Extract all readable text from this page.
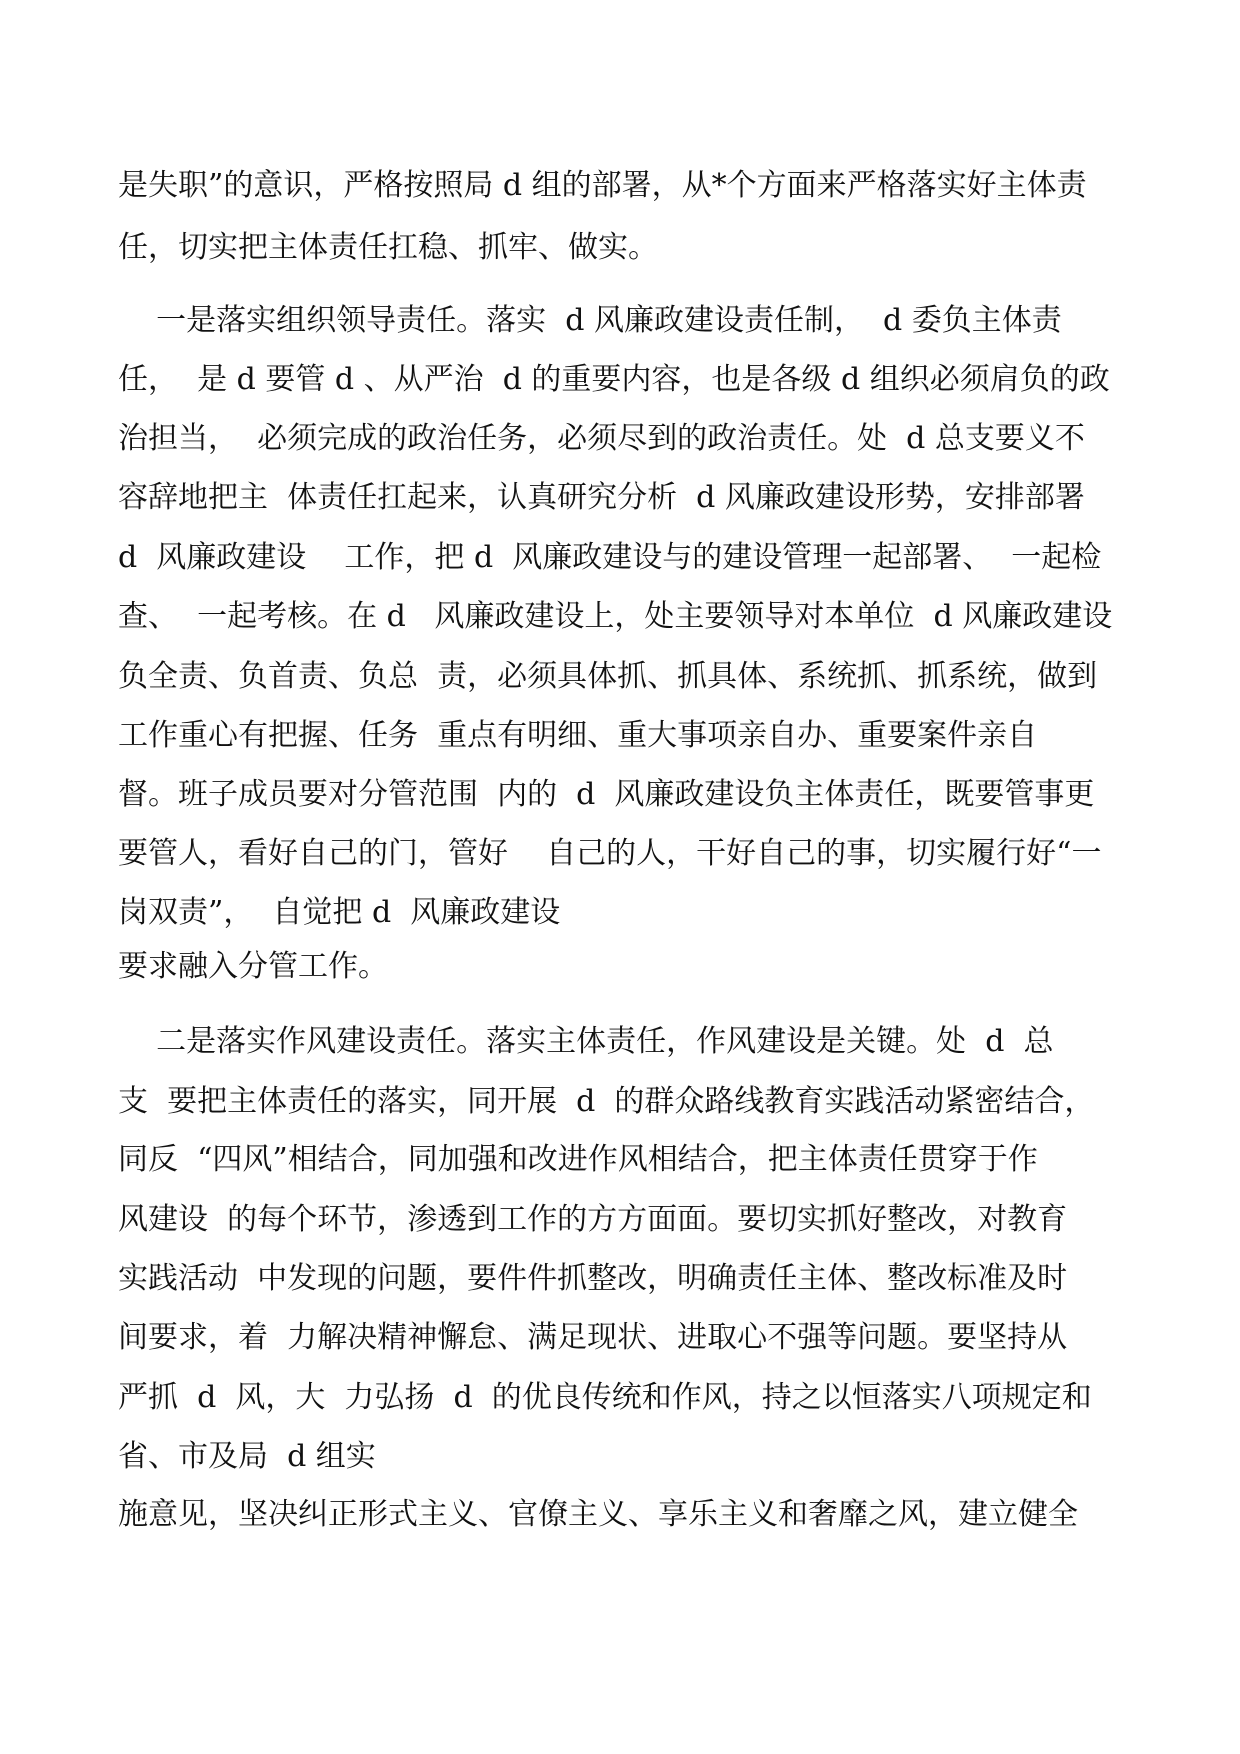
是失职”的意识，严格按照局 d 组的部署，从*个方面来严格落实好主体责

任，切实把主体责任扛稳、抓牢、做实。

一是落实组织领导责任。落实  d 风廉政建设责任制，  d 委负主体责

任，  是 d 要管 d 、从严治  d 的重要内容，也是各级 d 组织必须肩负的政

治担当，  必须完成的政治任务，必须尽到的政治责任。处  d 总支要义不

容辞地把主  体责任扛起来，认真研究分析  d 风廉政建设形势，安排部署

d  风廉政建设    工作，把 d  风廉政建设与的建设管理一起部署、  一起检

查、  一起考核。在 d   风廉政建设上，处主要领导对本单位  d 风廉政建设

负全责、负首责、负总  责，必须具体抓、抓具体、系统抓、抓系统，做到

工作重心有把握、任务  重点有明细、重大事项亲自办、重要案件亲自

督。班子成员要对分管范围  内的  d  风廉政建设负主体责任，既要管事更

要管人，看好自己的门，管好    自己的人，干好自己的事，切实履行好“一

岗双责”，  自觉把 d  风廉政建设

要求融入分管工作。

二是落实作风建设责任。落实主体责任，作风建设是关键。处  d  总

支  要把主体责任的落实，同开展  d  的群众路线教育实践活动紧密结合，

同反  “四风”相结合，同加强和改进作风相结合，把主体责任贯穿于作

风建设  的每个环节，渗透到工作的方方面面。要切实抓好整改，对教育

实践活动  中发现的问题，要件件抓整改，明确责任主体、整改标准及时

间要求，着  力解决精神懈怠、满足现状、进取心不强等问题。要坚持从

严抓  d  风，大  力弘扬  d  的优良传统和作风，持之以恒落实八项规定和

省、市及局  d 组实

施意见，坚决纠正形式主义、官僚主义、享乐主义和奢靡之风，建立健全
